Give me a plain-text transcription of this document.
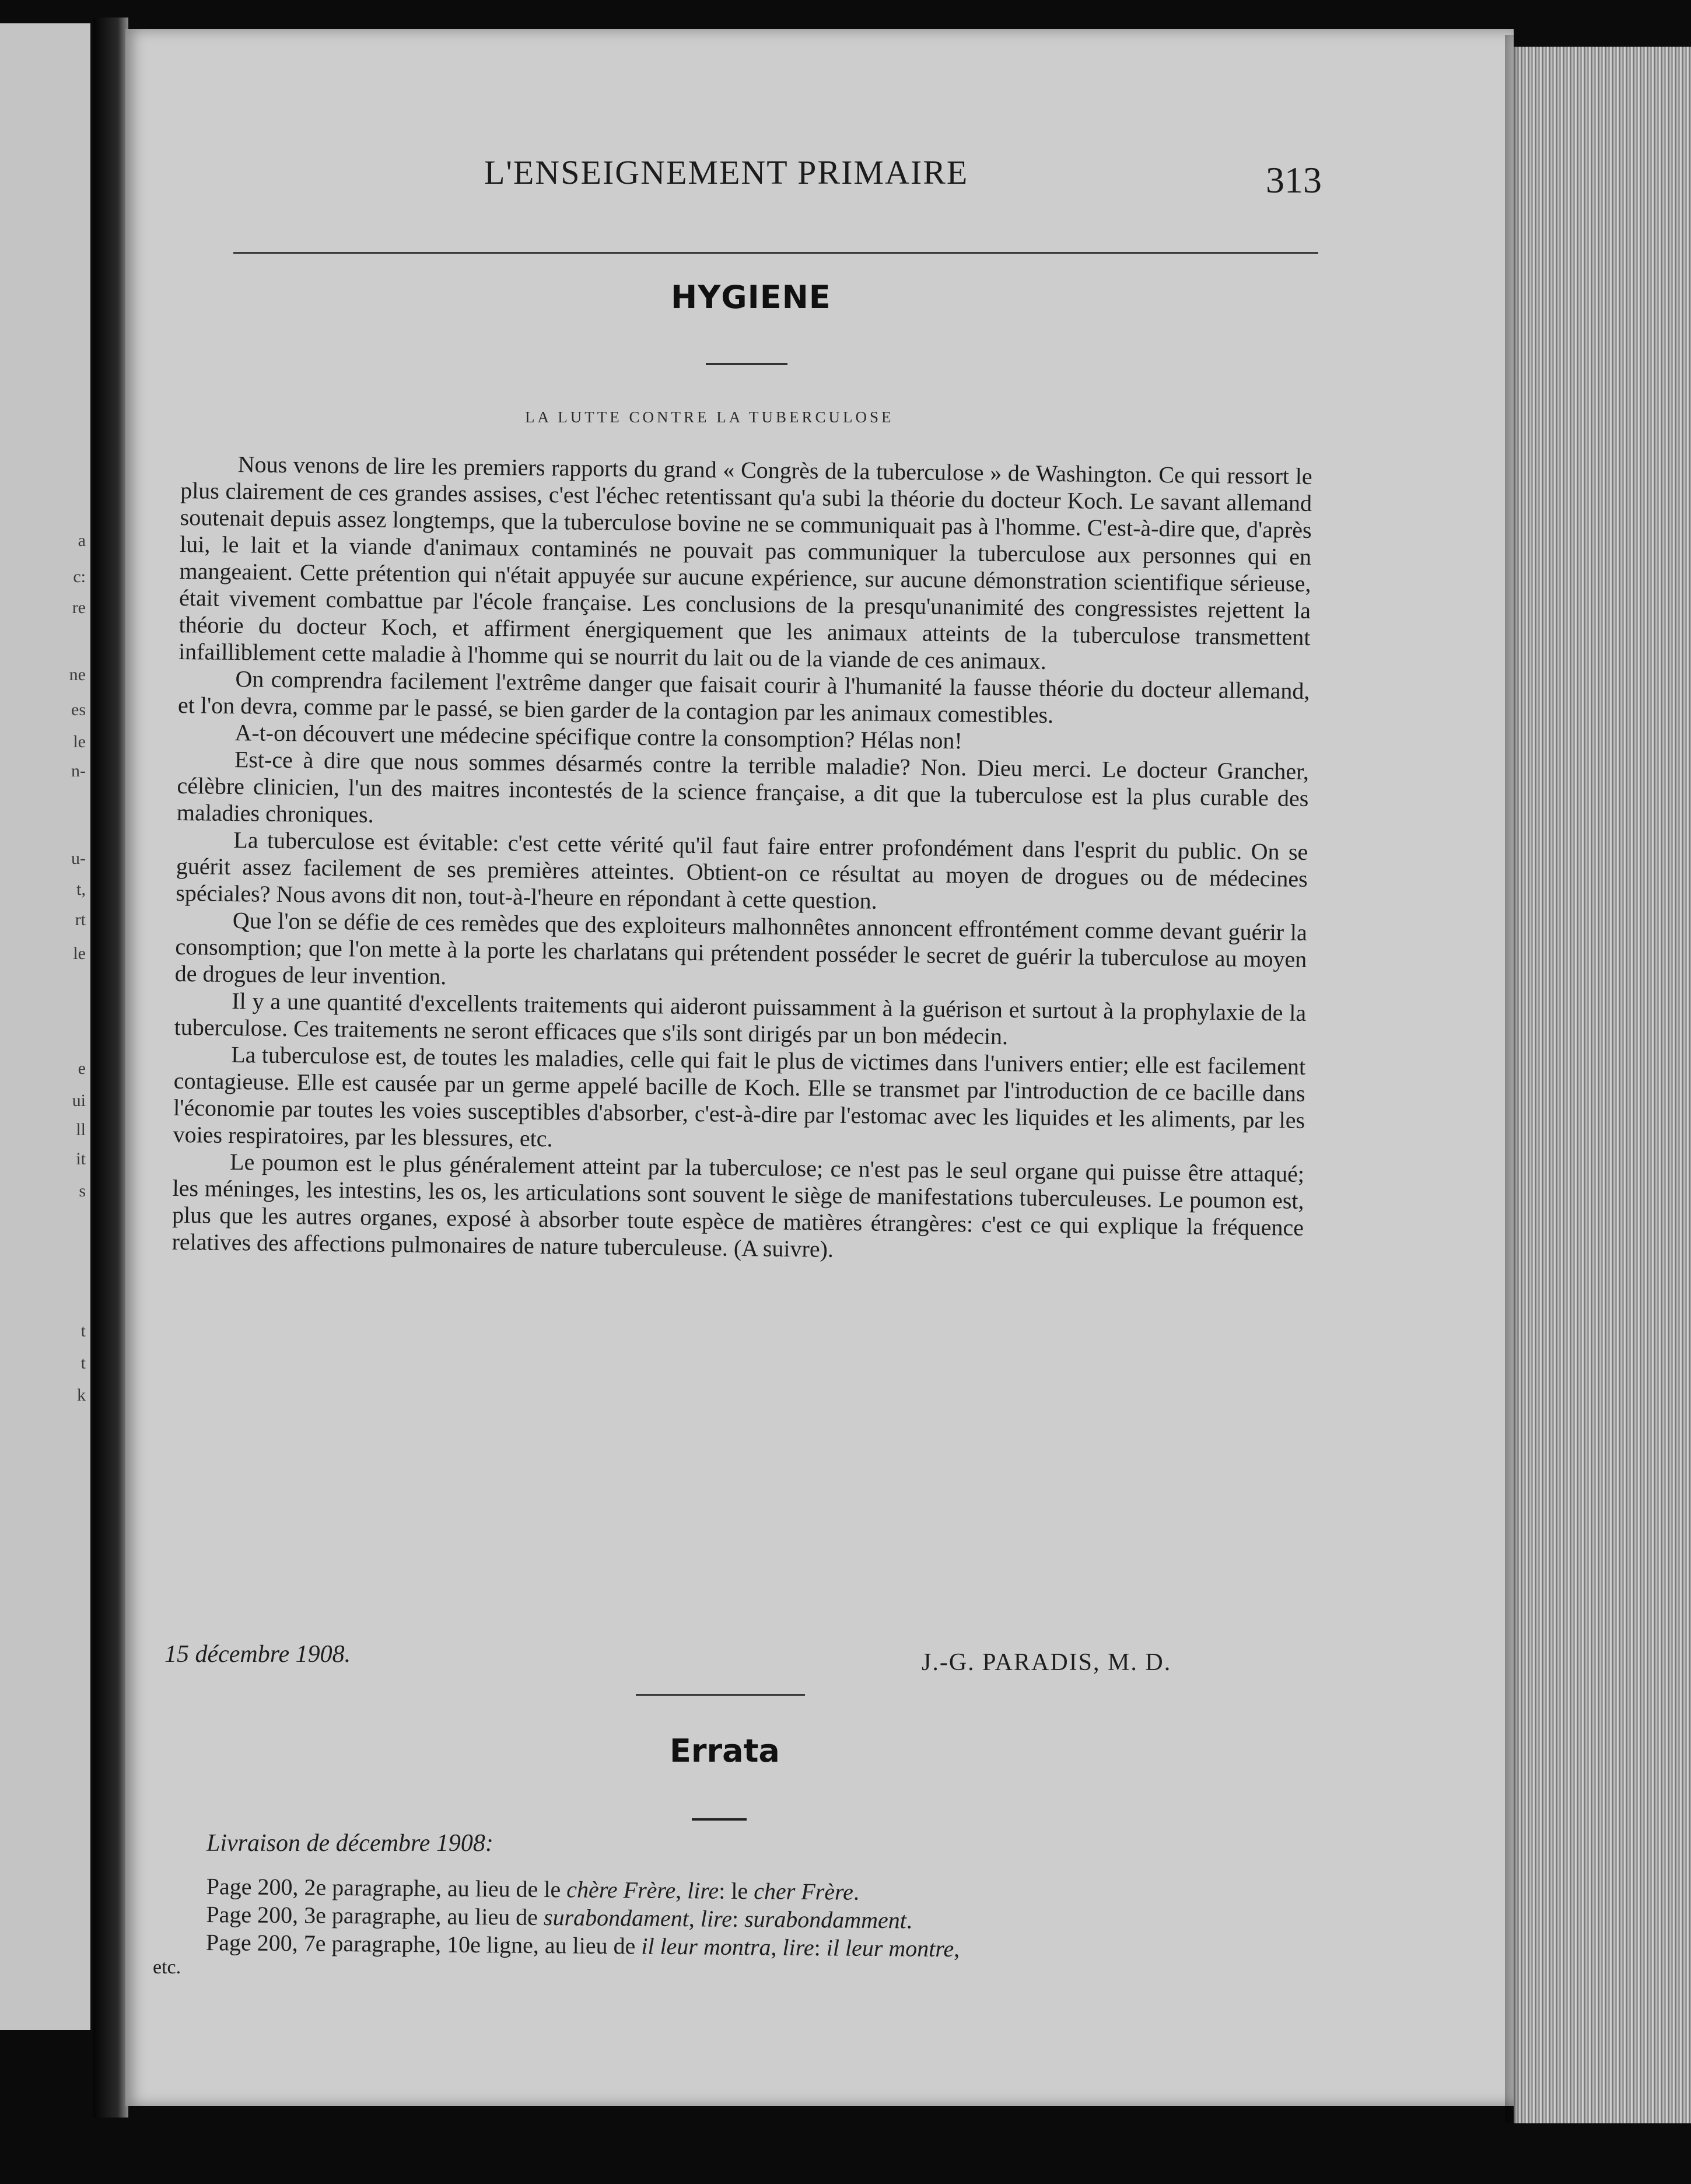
a
c:
re
ne
es
le
n-
u-
t,
rt
le
e
ui
ll
it
s
t
t
k
L'ENSEIGNEMENT PRIMAIRE	313
HYGIENE
LA LUTTE CONTRE LA TUBERCULOSE

Nous venons de lire les premiers rapports du grand « Congrès de la tuberculose » de Washington. Ce qui ressort le plus clairement de ces grandes assises, c'est l'échec retentissant qu'a subi la théorie du docteur Koch. Le savant allemand soutenait depuis assez longtemps, que la tuberculose bovine ne se communiquait pas à l'homme. C'est-à-dire que, d'après lui, le lait et la viande d'animaux contaminés ne pouvait pas communiquer la tuberculose aux personnes qui en mangeaient. Cette prétention qui n'était appuyée sur aucune expérience, sur aucune démonstration scientifique sérieuse, était vivement combattue par l'école française. Les conclusions de la presqu'unanimité des congressistes rejettent la théorie du docteur Koch, et affirment énergiquement que les animaux atteints de la tuberculose transmettent infailliblement cette maladie à l'homme qui se nourrit du lait ou de la viande de ces animaux.

On comprendra facilement l'extrême danger que faisait courir à l'humanité la fausse théorie du docteur allemand, et l'on devra, comme par le passé, se bien garder de la contagion par les animaux comestibles.

A-t-on découvert une médecine spécifique contre la consomption? Hélas non!

Est-ce à dire que nous sommes désarmés contre la terrible maladie? Non. Dieu merci. Le docteur Grancher, célèbre clinicien, l'un des maitres incontestés de la science française, a dit que la tuberculose est la plus curable des maladies chroniques.

La tuberculose est évitable: c'est cette vérité qu'il faut faire entrer profondément dans l'esprit du public. On se guérit assez facilement de ses premières atteintes. Obtient-on ce résultat au moyen de drogues ou de médecines spéciales? Nous avons dit non, tout-à-l'heure en répondant à cette question.

Que l'on se défie de ces remèdes que des exploiteurs malhonnêtes annoncent effrontément comme devant guérir la consomption; que l'on mette à la porte les charlatans qui prétendent posséder le secret de guérir la tuberculose au moyen de drogues de leur invention.

Il y a une quantité d'excellents traitements qui aideront puissamment à la guérison et surtout à la prophylaxie de la tuberculose. Ces traitements ne seront efficaces que s'ils sont dirigés par un bon médecin.

La tuberculose est, de toutes les maladies, celle qui fait le plus de victimes dans l'univers entier; elle est facilement contagieuse. Elle est causée par un germe appelé bacille de Koch. Elle se transmet par l'introduction de ce bacille dans l'économie par toutes les voies susceptibles d'absorber, c'est-à-dire par l'estomac avec les liquides et les aliments, par les voies respiratoires, par les blessures, etc.

Le poumon est le plus généralement atteint par la tuberculose; ce n'est pas le seul organe qui puisse être attaqué; les méninges, les intestins, les os, les articulations sont souvent le siège de manifestations tuberculeuses. Le poumon est, plus que les autres organes, exposé à absorber toute espèce de matières étrangères: c'est ce qui explique la fréquence relatives des affections pulmonaires de nature tuberculeuse. (A suivre).

15 décembre 1908.	J.-G. PARADIS, M. D.
Errata
Livraison de décembre 1908:
Page 200, 2e paragraphe, au lieu de le chère Frère, lire: le cher Frère.
Page 200, 3e paragraphe, au lieu de surabondament, lire: surabondamment.
Page 200, 7e paragraphe, 10e ligne, au lieu de il leur montra, lire: il leur montre,
etc.
